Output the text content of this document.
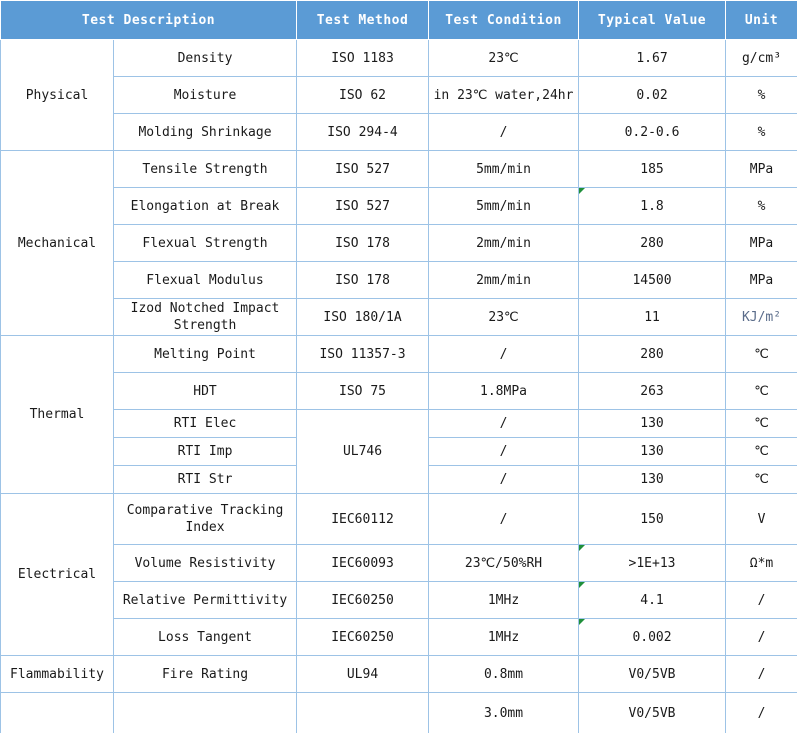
Test Description		Test Method	Test Condition	Typical Value	Unit
Physical	Density	ISO 1183	23℃	1.67	g/cm³
	Moisture	ISO 62	in 23℃ water,24hr	0.02	%
	Molding Shrinkage	ISO 294-4	/	0.2-0.6	%
Mechanical	Tensile Strength	ISO 527	5mm/min	185	MPa
	Elongation at Break	ISO 527	5mm/min	1.8	%
	Flexual Strength	ISO 178	2mm/min	280	MPa
	Flexual Modulus	ISO 178	2mm/min	14500	MPa
	Izod Notched Impact Strength	ISO 180/1A	23℃	11	KJ/m²
Thermal	Melting Point	ISO 11357-3	/	280	℃
	HDT	ISO 75	1.8MPa	263	℃
	RTI Elec	UL746	/	130	℃
	RTI Imp		/	130	℃
	RTI Str		/	130	℃
Electrical	Comparative Tracking Index	IEC60112	/	150	V
	Volume Resistivity	IEC60093	23℃/50%RH	>1E+13	Ω*m
	Relative Permittivity	IEC60250	1MHz	4.1	/
	Loss Tangent	IEC60250	1MHz	0.002	/
Flammability	Fire Rating	UL94	0.8mm	V0/5VB	/
			3.0mm	V0/5VB	/
